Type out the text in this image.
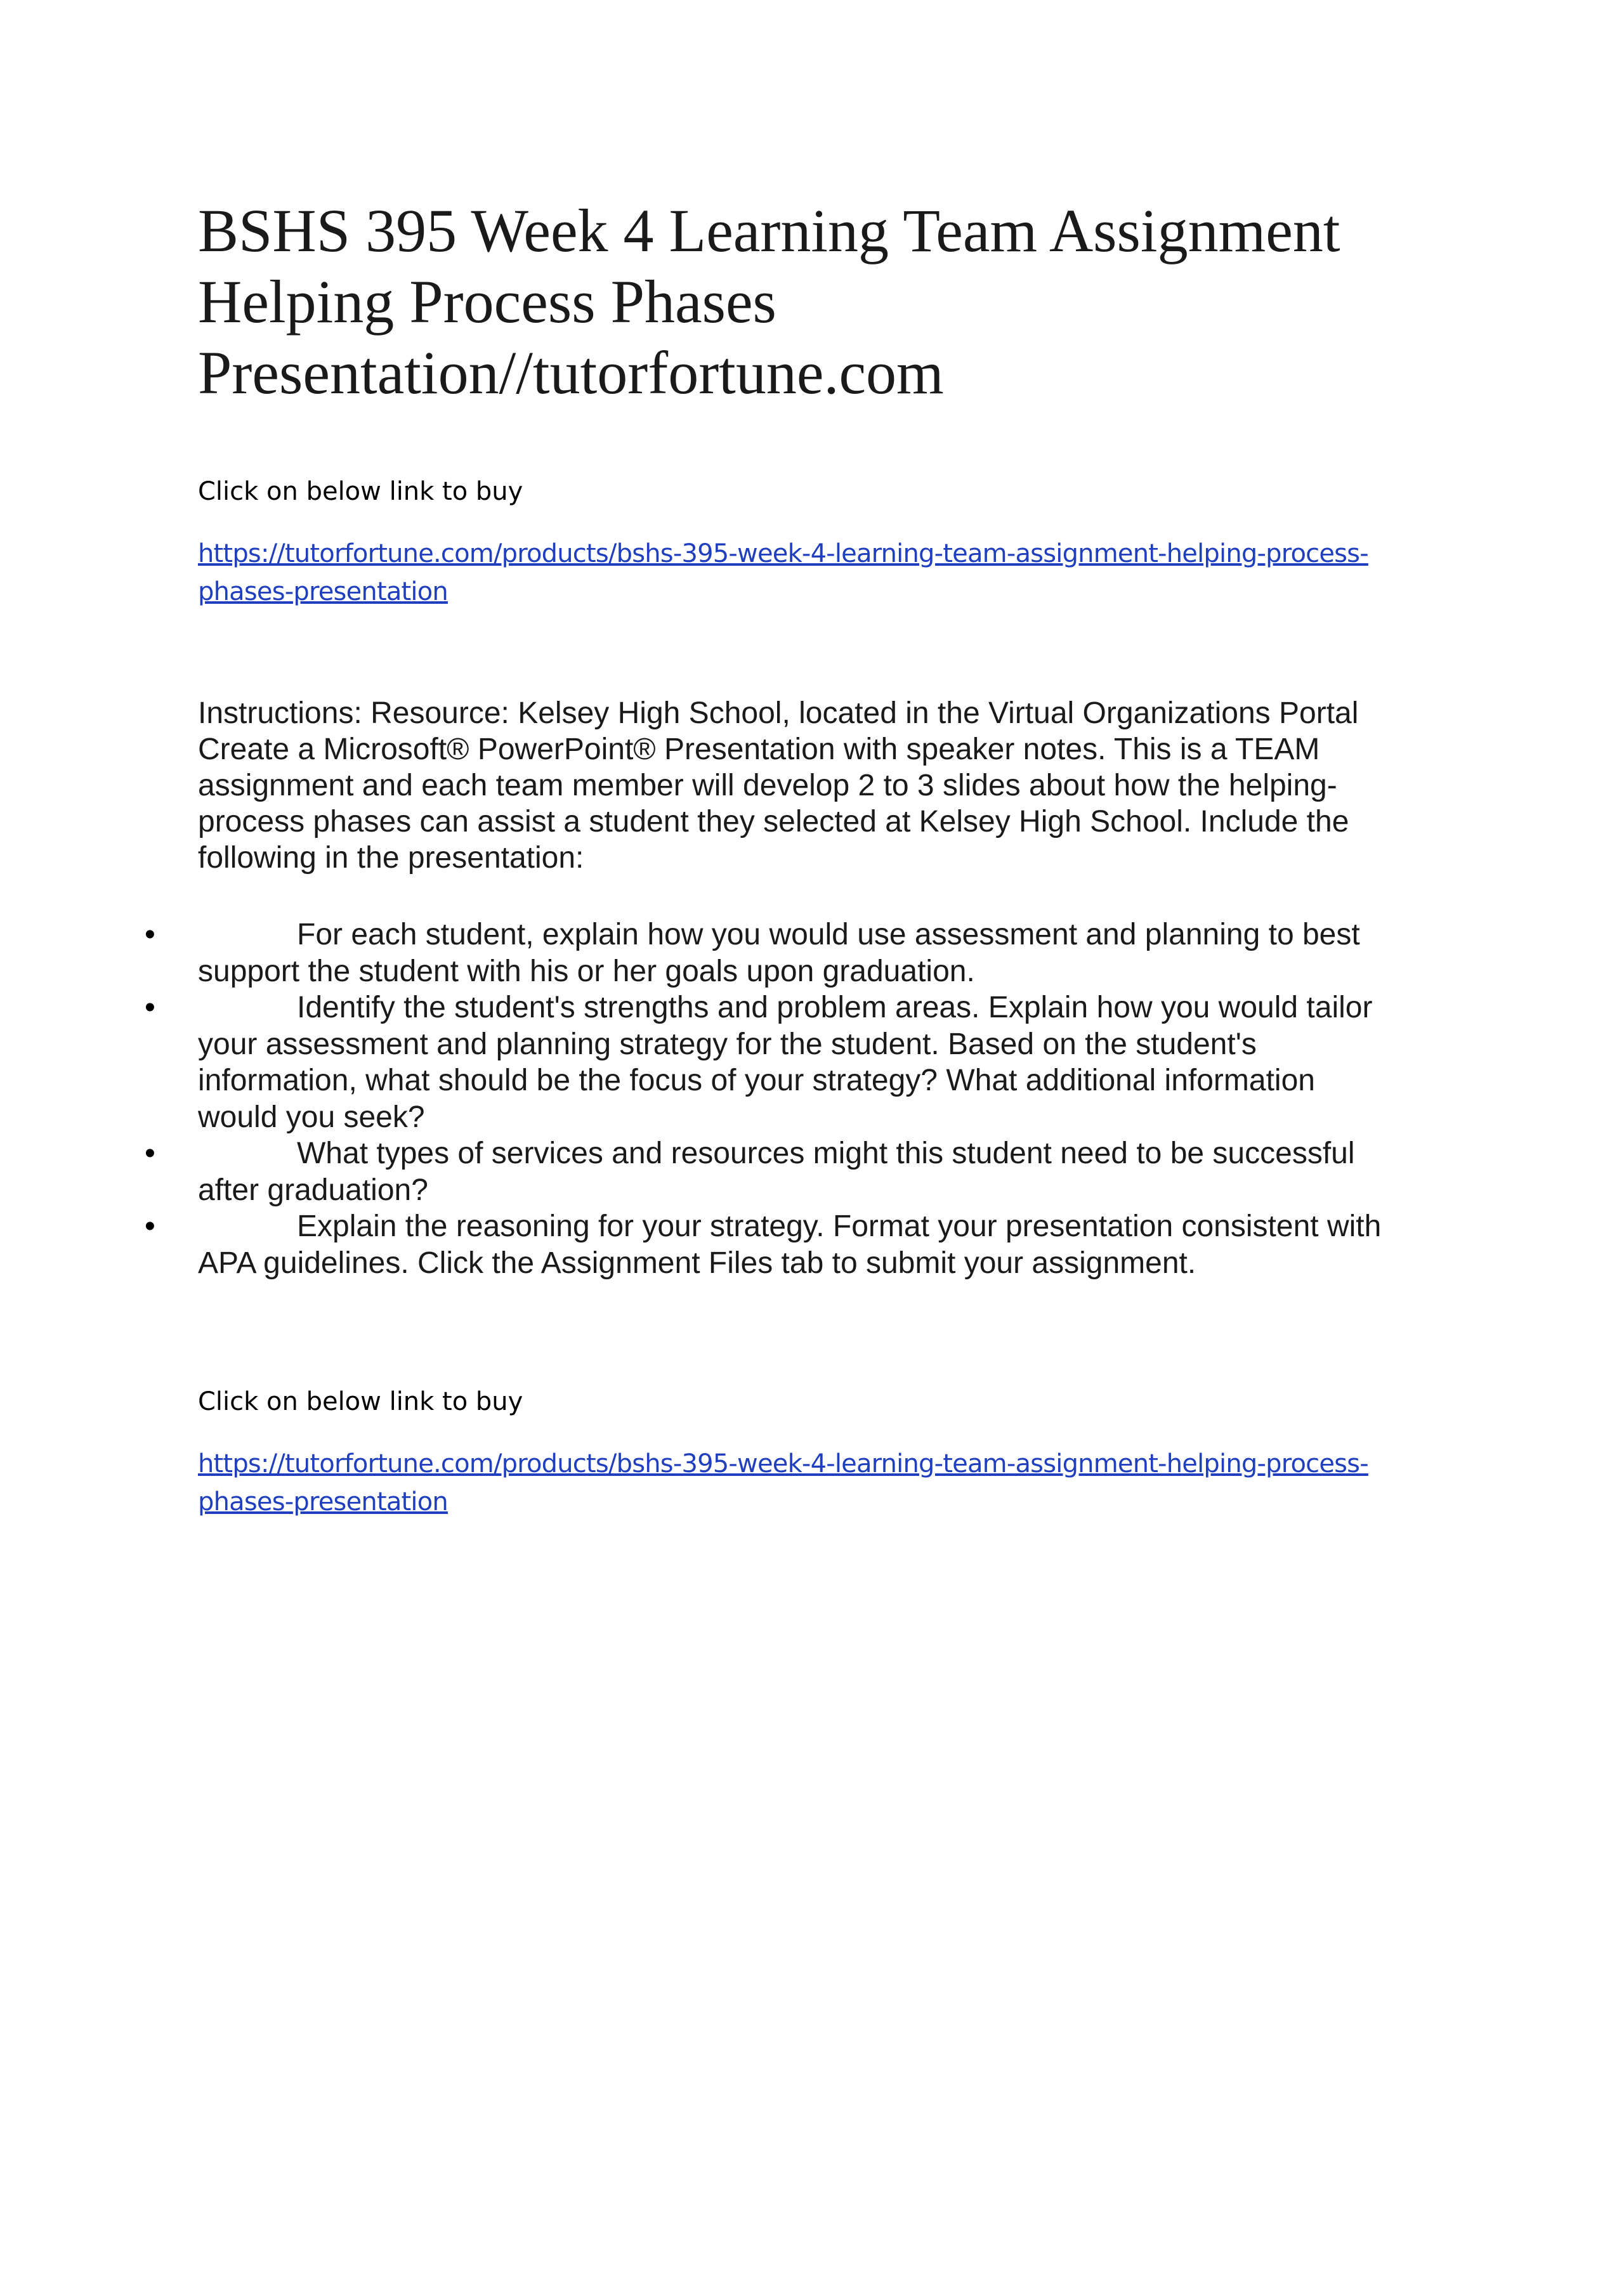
BSHS 395 Week 4 Learning Team Assignment
Helping Process Phases
Presentation//tutorfortune.com

Click on below link to buy

https://tutorfortune.com/products/bshs-395-week-4-learning-team-assignment-helping-process-
phases-presentation
Instructions: Resource: Kelsey High School, located in the Virtual Organizations Portal
Create a Microsoft® PowerPoint® Presentation with speaker notes. This is a TEAM
assignment and each team member will develop 2 to 3 slides about how the helping-
process phases can assist a student they selected at Kelsey High School. Include the
following in the presentation:
•	For each student, explain how you would use assessment and planning to best
support the student with his or her goals upon graduation.
•	Identify the student's strengths and problem areas. Explain how you would tailor
your assessment and planning strategy for the student. Based on the student's
information, what should be the focus of your strategy? What additional information
would you seek?
•	What types of services and resources might this student need to be successful
after graduation?
•	Explain the reasoning for your strategy. Format your presentation consistent with
APA guidelines. Click the Assignment Files tab to submit your assignment.

Click on below link to buy

https://tutorfortune.com/products/bshs-395-week-4-learning-team-assignment-helping-process-
phases-presentation
